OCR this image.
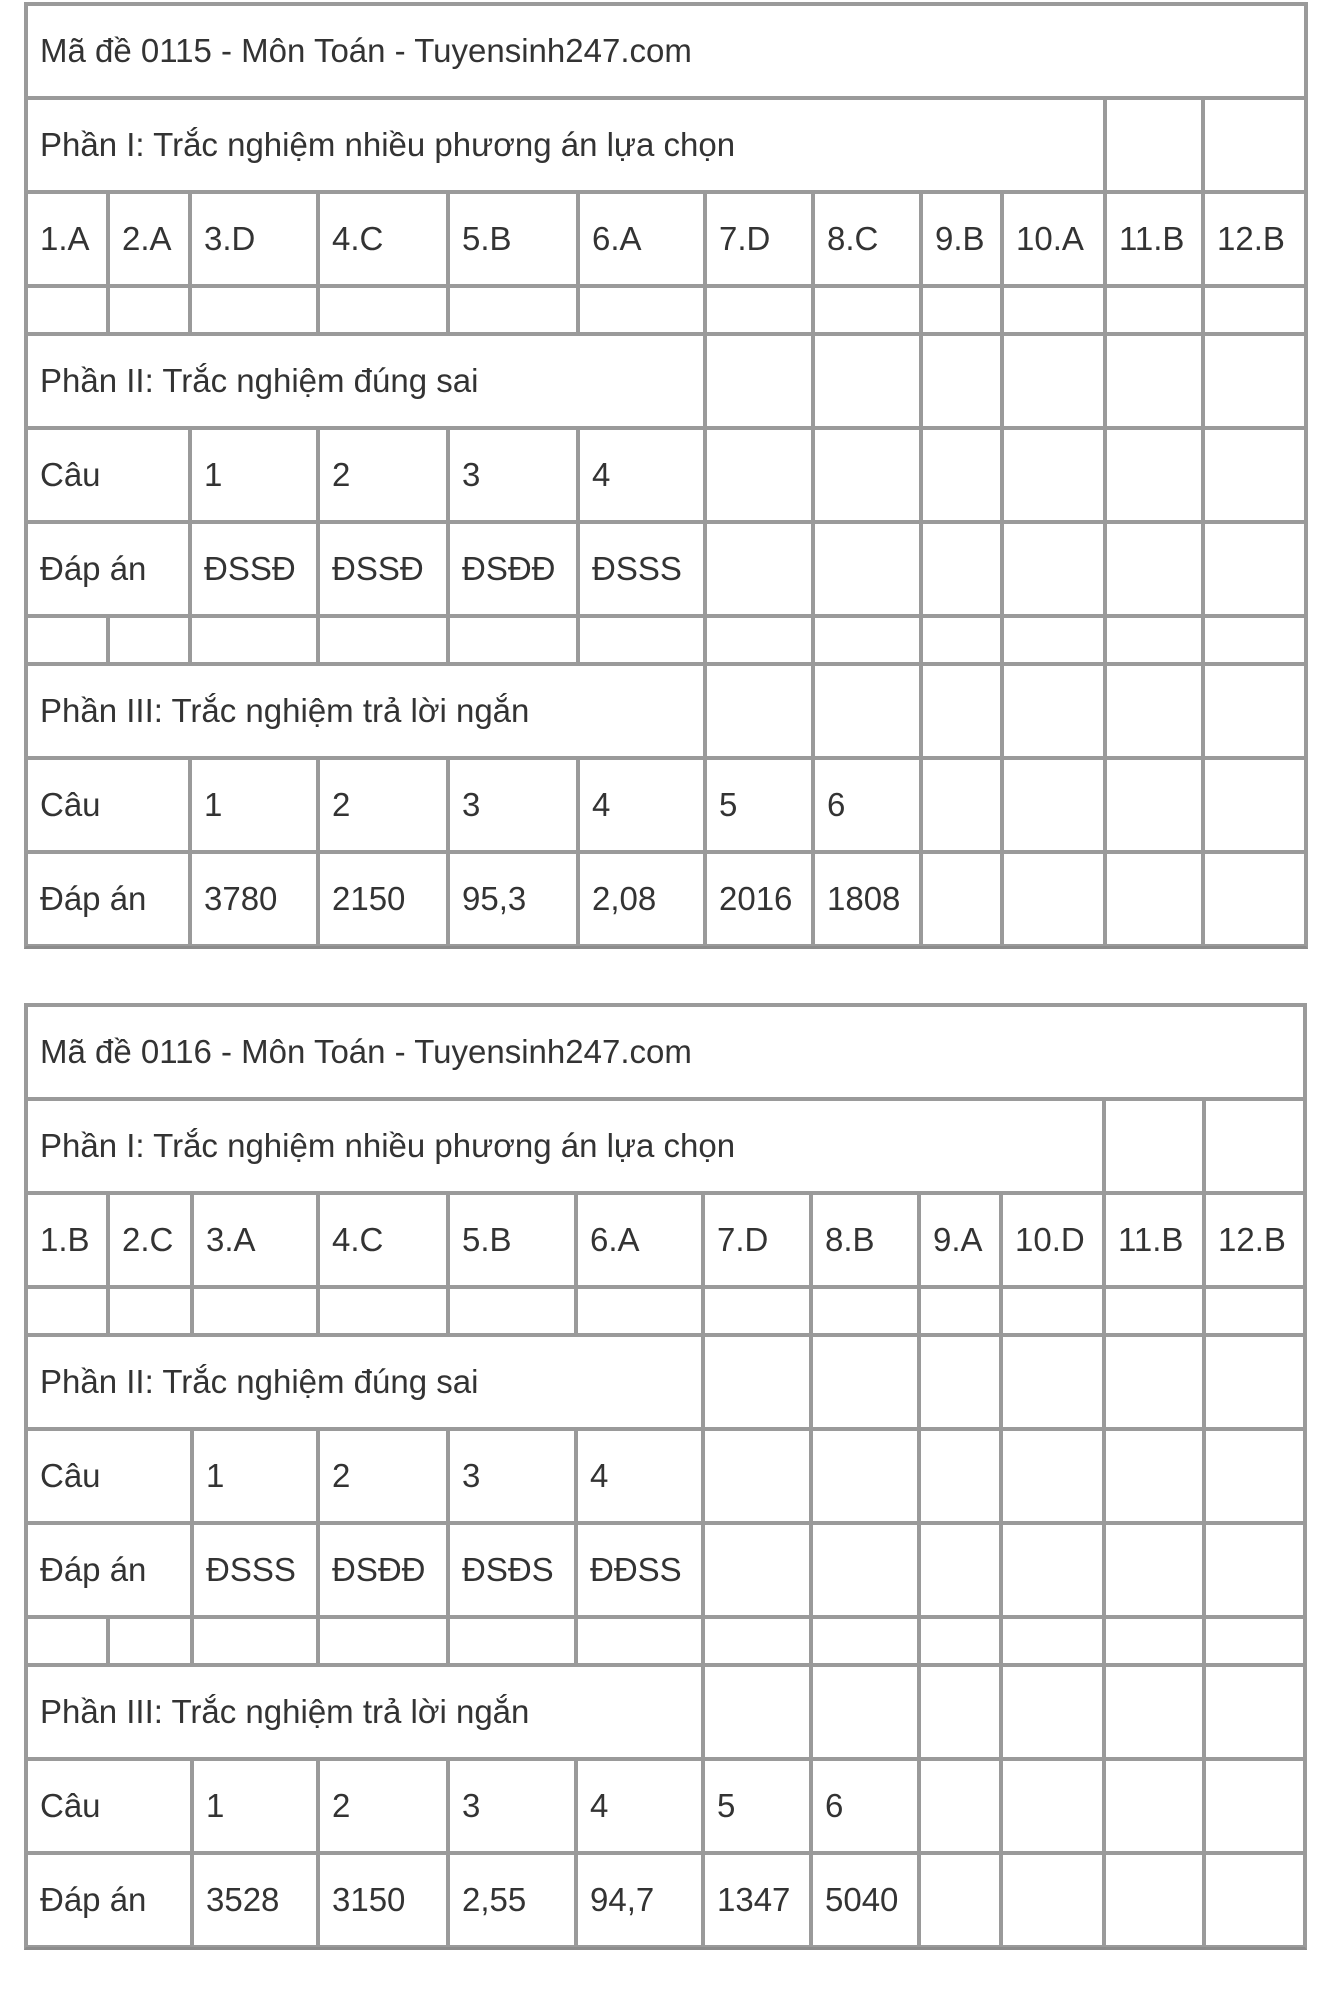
Mã đề 0115 - Môn Toán - Tuyensinh247.com											
Phần I: Trắc nghiệm nhiều phương án lựa chọn											
1.A	2.A	3.D	4.C	5.B	6.A	7.D	8.C	9.B	10.A	11.B	12.B

Phần II: Trắc nghiệm đúng sai											
Câu		1	2	3	4						
Đáp án		ĐSSĐ	ĐSSĐ	ĐSĐĐ	ĐSSS						

Phần III: Trắc nghiệm trả lời ngắn											
Câu		1	2	3	4	5	6				
Đáp án		3780	2150	95,3	2,08	2016	1808				
Mã đề 0116 - Môn Toán - Tuyensinh247.com											
Phần I: Trắc nghiệm nhiều phương án lựa chọn											
1.B	2.C	3.A	4.C	5.B	6.A	7.D	8.B	9.A	10.D	11.B	12.B

Phần II: Trắc nghiệm đúng sai											
Câu		1	2	3	4						
Đáp án		ĐSSS	ĐSĐĐ	ĐSĐS	ĐĐSS						

Phần III: Trắc nghiệm trả lời ngắn											
Câu		1	2	3	4	5	6				
Đáp án		3528	3150	2,55	94,7	1347	5040				
